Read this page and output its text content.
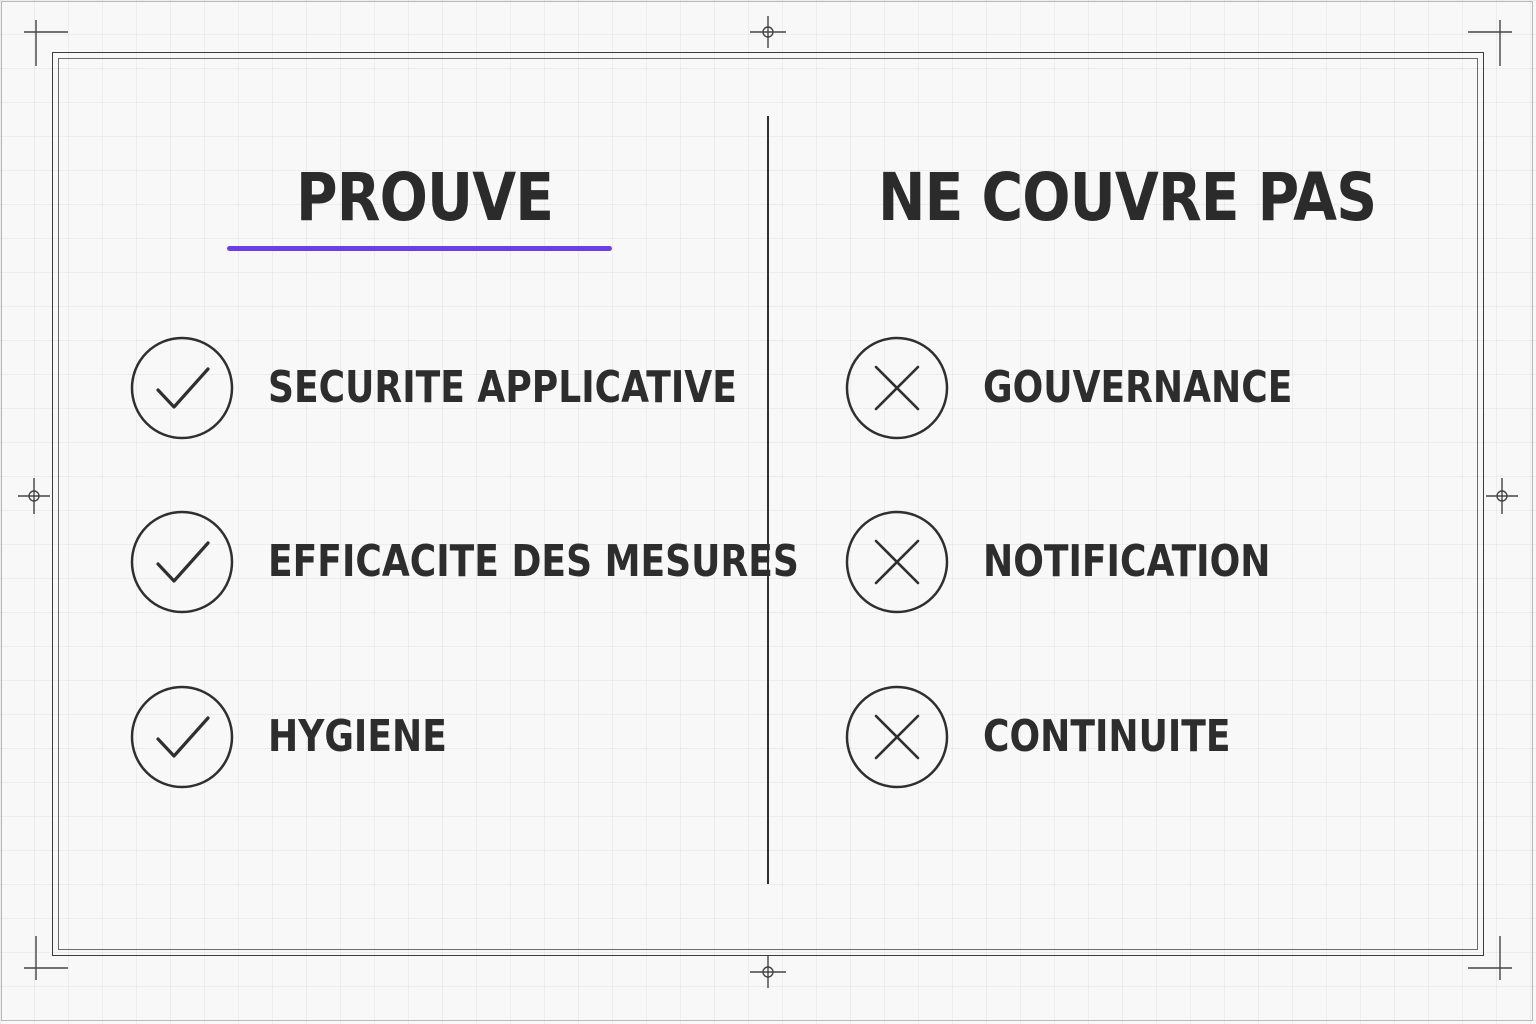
PROUVE
SECURITE APPLICATIVE
EFFICACITE DES MESURES
HYGIENE
NE COUVRE PAS
GOUVERNANCE
NOTIFICATION
CONTINUITE
